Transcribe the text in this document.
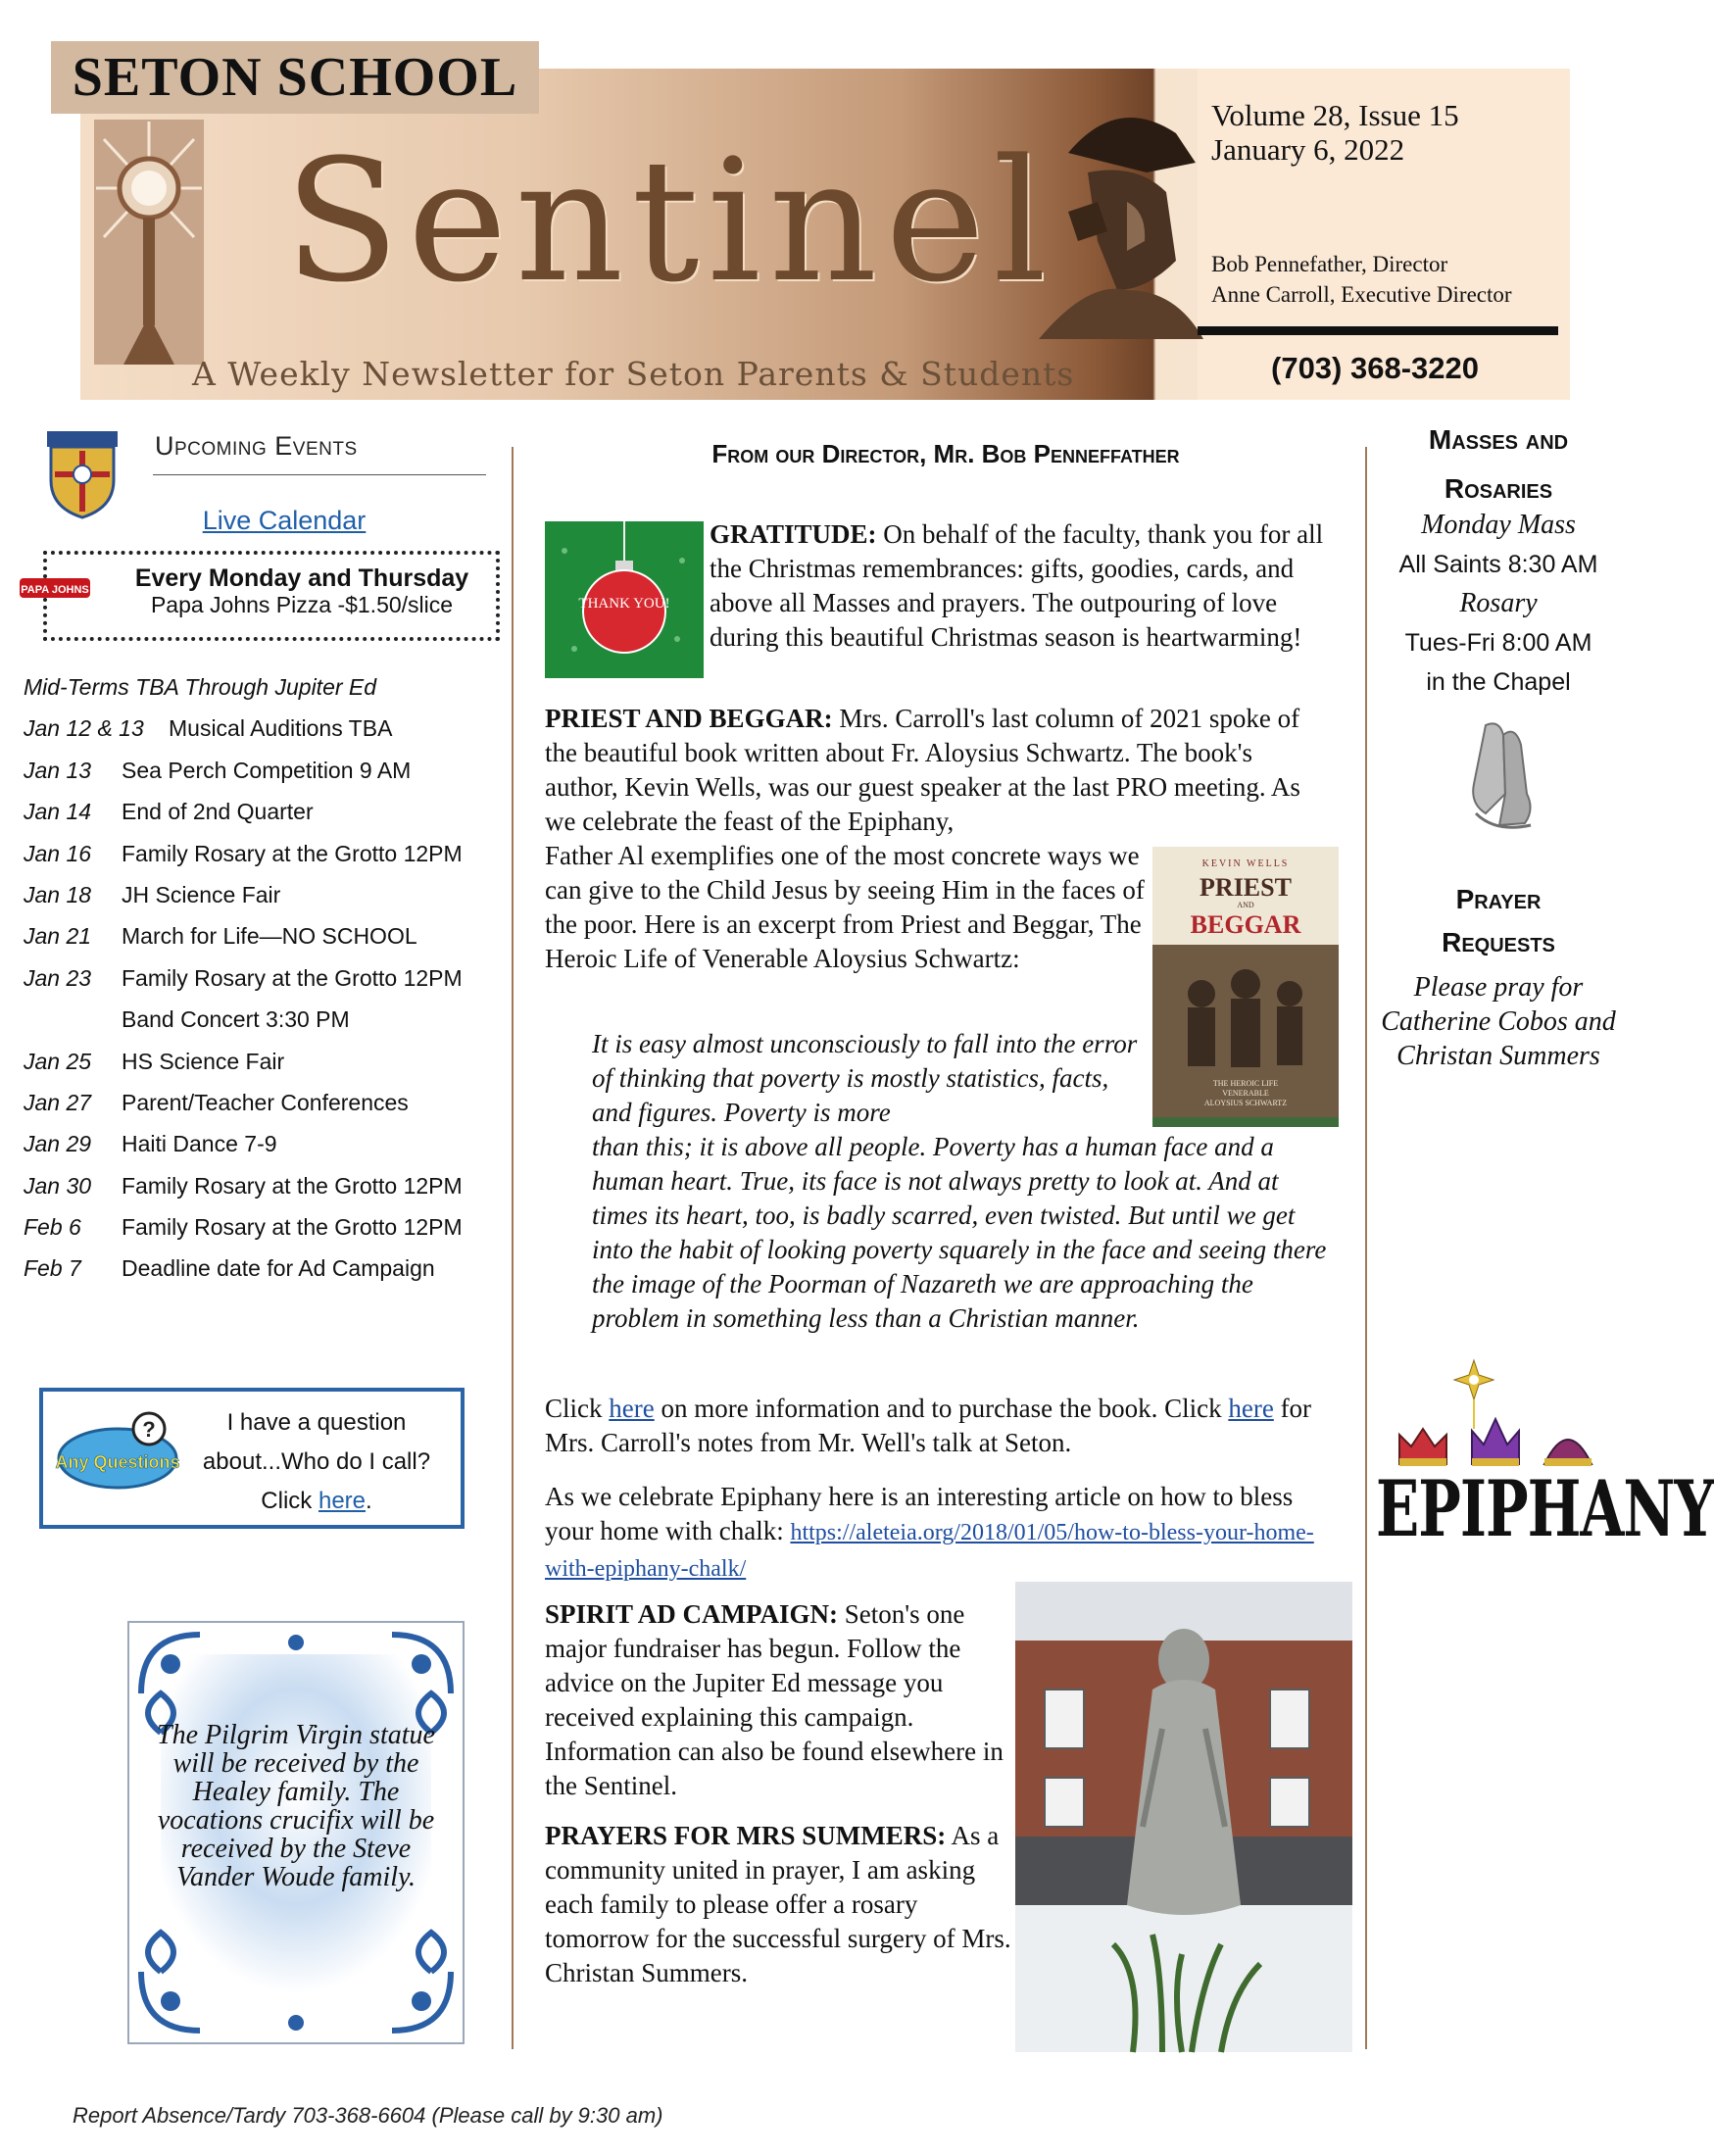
SETON SCHOOL
Sentinel
A Weekly Newsletter for Seton Parents & Students
Volume 28, Issue 15
January 6, 2022
Bob Pennefather, Director
Anne Carroll, Executive Director
(703) 368-3220
Upcoming Events
Live Calendar
PAPA JOHNS	Every Monday and Thursday
Papa Johns Pizza -$1.50/slice
Mid-Terms TBA Through Jupiter Ed
Jan 12 & 13 Musical Auditions TBA
Jan 13 Sea Perch Competition 9 AM
Jan 14 End of 2nd Quarter
Jan 16 Family Rosary at the Grotto 12PM
Jan 18 JH Science Fair
Jan 21 March for Life—NO SCHOOL
Jan 23 Family Rosary at the Grotto 12PM
Band Concert 3:30 PM
Jan 25 HS Science Fair
Jan 27 Parent/Teacher Conferences
Jan 29 Haiti Dance 7-9
Jan 30 Family Rosary at the Grotto 12PM
Feb 6 Family Rosary at the Grotto 12PM
Feb 7 Deadline date for Ad Campaign
?
Any Questions
I have a question
about...Who do I call?
Click here.
The Pilgrim Virgin statue will be received by the Healey family. The vocations crucifix will be received by the Steve Vander Woude family.
Report Absence/Tardy 703-368-6604 (Please call by 9:30 am)
From our Director, Mr. Bob Penneffather
THANK YOU!
GRATITUDE: On behalf of the faculty, thank you for all the Christmas remembrances: gifts, goodies, cards, and above all Masses and prayers. The outpouring of love during this beautiful Christmas season is heartwarming!
PRIEST AND BEGGAR: Mrs. Carroll's last column of 2021 spoke of the beautiful book written about Fr. Aloysius Schwartz. The book's author, Kevin Wells, was our guest speaker at the last PRO meeting. As we celebrate the feast of the Epiphany,
Father Al exemplifies one of the most concrete ways we can give to the Child Jesus by seeing Him in the faces of the poor. Here is an excerpt from Priest and Beggar, The Heroic Life of Venerable Aloysius Schwartz:
KEVIN WELLS
PRIEST
AND
BEGGAR
THE HEROIC LIFE
VENERABLE
ALOYSIUS SCHWARTZ
It is easy almost unconsciously to fall into the error of thinking that poverty is mostly statistics, facts, and figures. Poverty is more
than this; it is above all people. Poverty has a human face and a human heart. True, its face is not always pretty to look at. And at times its heart, too, is badly scarred, even twisted. But until we get into the habit of looking poverty squarely in the face and seeing there the image of the Poorman of Nazareth we are approaching the problem in something less than a Christian manner.
Click here on more information and to purchase the book. Click here for Mrs. Carroll's notes from Mr. Well's talk at Seton.
As we celebrate Epiphany here is an interesting article on how to bless your home with chalk: https://aleteia.org/2018/01/05/how-to-bless-your-home-with-epiphany-chalk/
SPIRIT AD CAMPAIGN: Seton's one major fundraiser has begun. Follow the advice on the Jupiter Ed message you received explaining this campaign. Information can also be found elsewhere in the Sentinel.
PRAYERS FOR MRS SUMMERS: As a community united in prayer, I am asking each family to please offer a rosary tomorrow for the successful surgery of Mrs. Christan Summers.
Masses and
Rosaries
Monday Mass
All Saints 8:30 AM
Rosary
Tues-Fri 8:00 AM
in the Chapel
Prayer
Requests
Please pray for Catherine Cobos and Christan Summers
EPIPHANY
